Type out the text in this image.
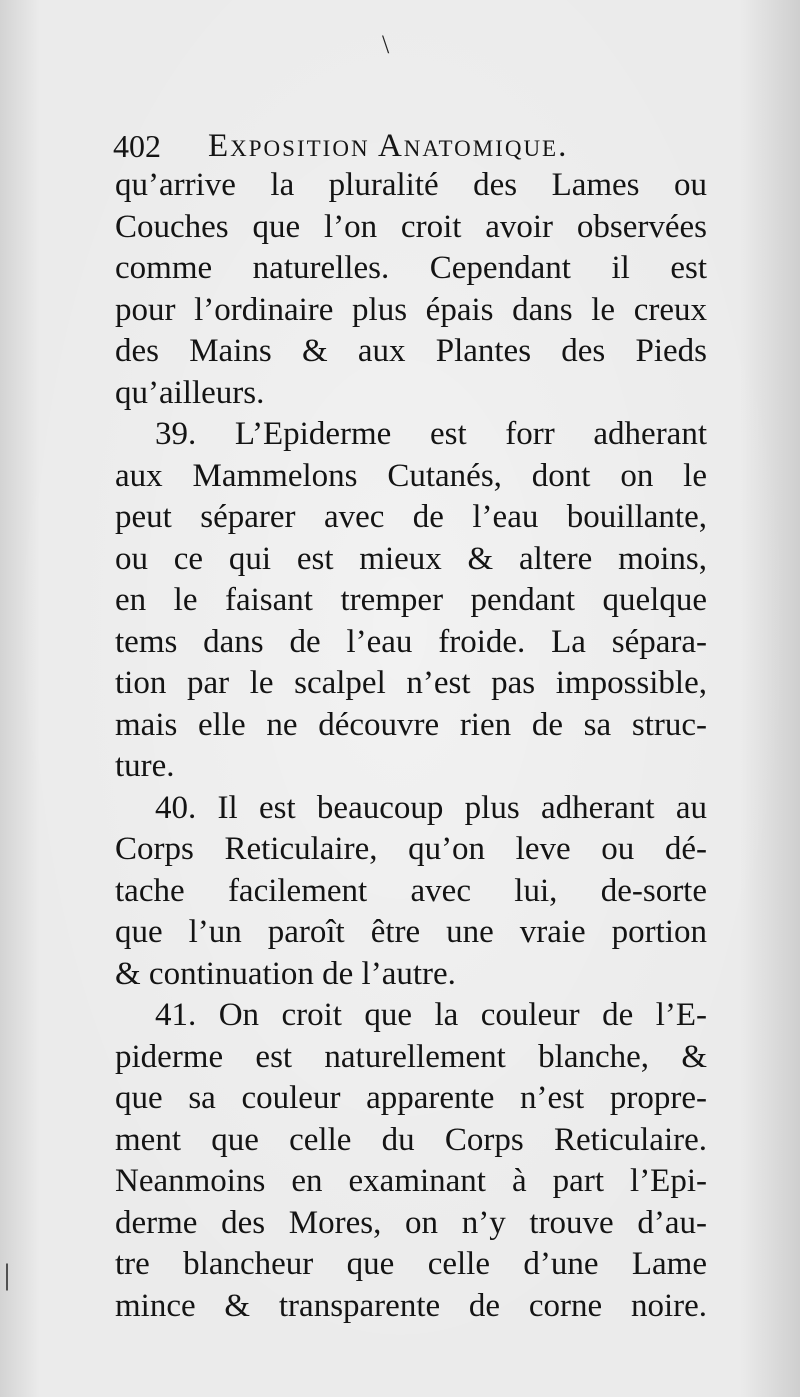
\
|
402 Exposition Anatomique.
qu’arrive la pluralité des Lames ou
Couches que l’on croit avoir observées
comme naturelles. Cependant il est
pour l’ordinaire plus épais dans le creux
des Mains & aux Plantes des Pieds
qu’ailleurs.
39. L’Epiderme est forr adherant
aux Mammelons Cutanés, dont on le
peut séparer avec de l’eau bouillante,
ou ce qui est mieux & altere moins,
en le faisant tremper pendant quelque
tems dans de l’eau froide. La sépara-
tion par le scalpel n’est pas impossible,
mais elle ne découvre rien de sa struc-
ture.
40. Il est beaucoup plus adherant au
Corps Reticulaire, qu’on leve ou dé-
tache facilement avec lui, de-sorte
que l’un paroît être une vraie portion
& continuation de l’autre.
41. On croit que la couleur de l’E-
piderme est naturellement blanche, &
que sa couleur apparente n’est propre-
ment que celle du Corps Reticulaire.
Neanmoins en examinant à part l’Epi-
derme des Mores, on n’y trouve d’au-
tre blancheur que celle d’une Lame
mince & transparente de corne noire.
